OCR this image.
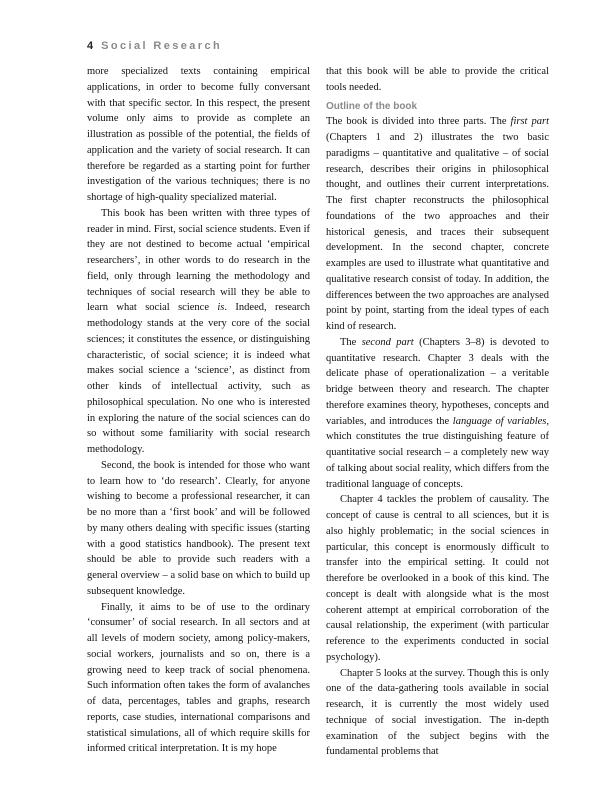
4 Social Research

more specialized texts containing empirical applications, in order to become fully conversant with that specific sector. In this respect, the present volume only aims to provide as complete an illustration as possible of the potential, the fields of application and the variety of social research. It can therefore be regarded as a starting point for further investigation of the various techniques; there is no shortage of high-quality specialized material.

This book has been written with three types of reader in mind. First, social science students. Even if they are not destined to become actual ‘empirical researchers’, in other words to do research in the field, only through learning the methodology and techniques of social research will they be able to learn what social science is. Indeed, research methodology stands at the very core of the social sciences; it constitutes the essence, or distinguishing characteristic, of social science; it is indeed what makes social science a ‘science’, as distinct from other kinds of intellectual activity, such as philosophical speculation. No one who is interested in exploring the nature of the social sciences can do so without some familiarity with social research methodology.

Second, the book is intended for those who want to learn how to ‘do research’. Clearly, for anyone wishing to become a professional researcher, it can be no more than a ‘first book’ and will be followed by many others dealing with specific issues (starting with a good statistics handbook). The present text should be able to provide such readers with a general overview – a solid base on which to build up subsequent knowledge.

Finally, it aims to be of use to the ordinary ‘consumer’ of social research. In all sectors and at all levels of modern society, among policy-makers, social workers, journalists and so on, there is a growing need to keep track of social phenomena. Such information often takes the form of avalanches of data, percentages, tables and graphs, research reports, case studies, international comparisons and statistical simulations, all of which require skills for informed critical interpretation. It is my hope

that this book will be able to provide the critical tools needed.

Outline of the book

The book is divided into three parts. The first part (Chapters 1 and 2) illustrates the two basic paradigms – quantitative and qualitative – of social research, describes their origins in philosophical thought, and outlines their current interpretations. The first chapter reconstructs the philosophical foundations of the two approaches and their historical genesis, and traces their subsequent development. In the second chapter, concrete examples are used to illustrate what quantitative and qualitative research consist of today. In addition, the differences between the two approaches are analysed point by point, starting from the ideal types of each kind of research.

The second part (Chapters 3–8) is devoted to quantitative research. Chapter 3 deals with the delicate phase of operationalization – a veritable bridge between theory and research. The chapter therefore examines theory, hypotheses, concepts and variables, and introduces the language of variables, which constitutes the true distinguishing feature of quantitative social research – a completely new way of talking about social reality, which differs from the traditional language of concepts.

Chapter 4 tackles the problem of causality. The concept of cause is central to all sciences, but it is also highly problematic; in the social sciences in particular, this concept is enormously difficult to transfer into the empirical setting. It could not therefore be overlooked in a book of this kind. The concept is dealt with alongside what is the most coherent attempt at empirical corroboration of the causal relationship, the experiment (with particular reference to the experiments conducted in social psychology).

Chapter 5 looks at the survey. Though this is only one of the data-gathering tools available in social research, it is currently the most widely used technique of social investigation. The in-depth examination of the subject begins with the fundamental problems that
